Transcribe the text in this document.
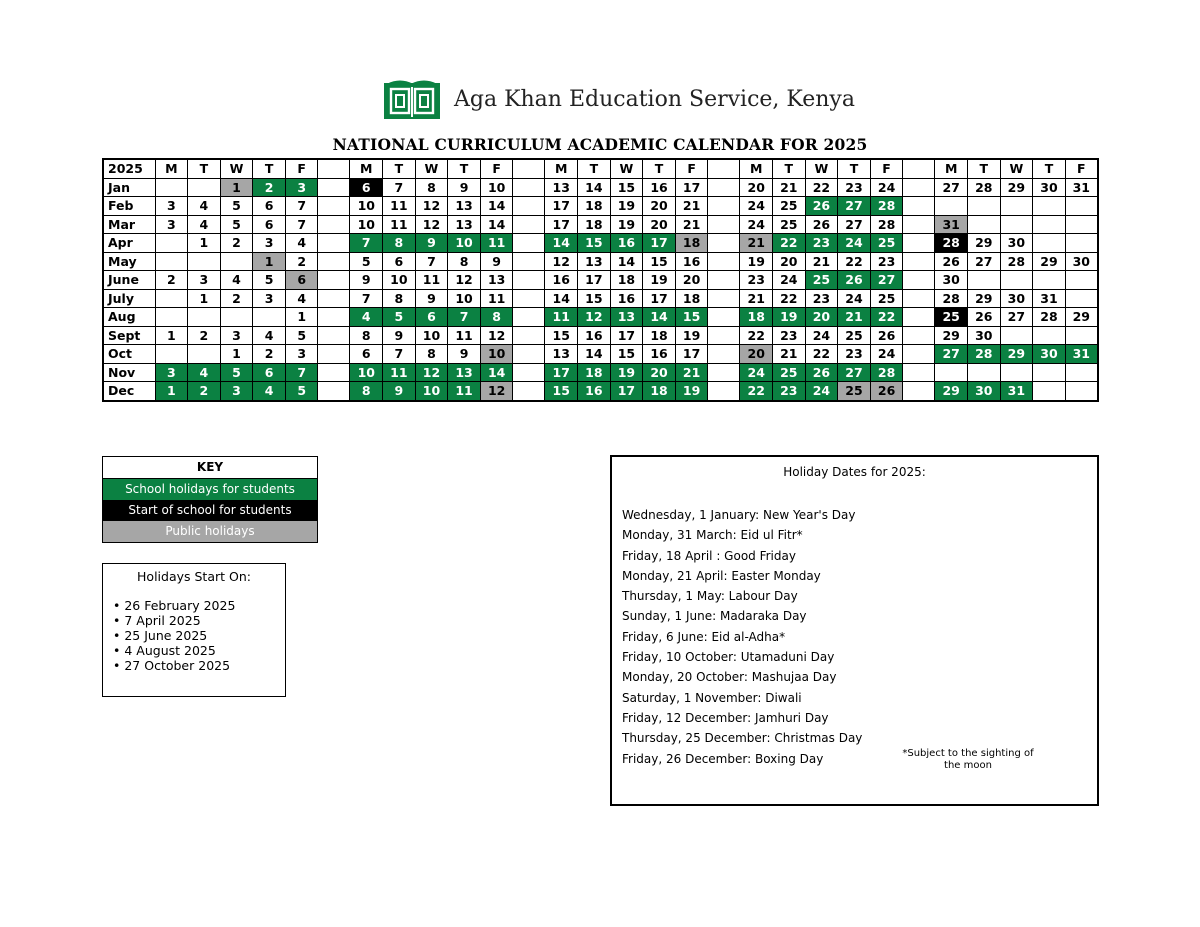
Aga Khan Education Service, Kenya
NATIONAL CURRICULUM ACADEMIC CALENDAR FOR 2025
2025	M	T	W	T	F		M	T	W	T	F		M	T	W	T	F		M	T	W	T	F		M	T	W	T	F
Jan			1	2	3		6	7	8	9	10		13	14	15	16	17		20	21	22	23	24		27	28	29	30	31
Feb	3	4	5	6	7		10	11	12	13	14		17	18	19	20	21		24	25	26	27	28						
Mar	3	4	5	6	7		10	11	12	13	14		17	18	19	20	21		24	25	26	27	28		31				
Apr		1	2	3	4		7	8	9	10	11		14	15	16	17	18		21	22	23	24	25		28	29	30		
May				1	2		5	6	7	8	9		12	13	14	15	16		19	20	21	22	23		26	27	28	29	30
June	2	3	4	5	6		9	10	11	12	13		16	17	18	19	20		23	24	25	26	27		30				
July		1	2	3	4		7	8	9	10	11		14	15	16	17	18		21	22	23	24	25		28	29	30	31	
Aug					1		4	5	6	7	8		11	12	13	14	15		18	19	20	21	22		25	26	27	28	29
Sept	1	2	3	4	5		8	9	10	11	12		15	16	17	18	19		22	23	24	25	26		29	30			
Oct			1	2	3		6	7	8	9	10		13	14	15	16	17		20	21	22	23	24		27	28	29	30	31
Nov	3	4	5	6	7		10	11	12	13	14		17	18	19	20	21		24	25	26	27	28						
Dec	1	2	3	4	5		8	9	10	11	12		15	16	17	18	19		22	23	24	25	26		29	30	31		
KEY
School holidays for students
Start of school for students
Public holidays
Holidays Start On:
• 26 February 2025
• 7 April 2025
• 25 June 2025
• 4 August 2025
• 27 October 2025
Holiday Dates for 2025:
Wednesday, 1 January: New Year's Day
Monday, 31 March: Eid ul Fitr*
Friday, 18 April : Good Friday
Monday, 21 April: Easter Monday
Thursday, 1 May: Labour Day
Sunday, 1 June: Madaraka Day
Friday, 6 June: Eid al-Adha*
Friday, 10 October: Utamaduni Day
Monday, 20 October: Mashujaa Day
Saturday, 1 November: Diwali
Friday, 12 December: Jamhuri Day
Thursday, 25 December: Christmas Day
Friday, 26 December: Boxing Day	*Subject to the sighting of the moon
